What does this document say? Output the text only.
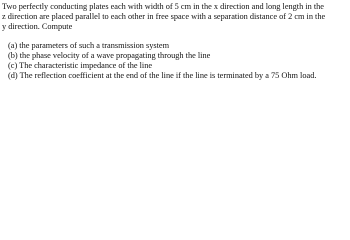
Two perfectly conducting plates each with width of 5 cm in the x direction and long length in the
z direction are placed parallel to each other in free space with a separation distance of 2 cm in the
y direction. Compute
(a) the parameters of such a transmission system
(b) the phase velocity of a wave propagating through the line
(c) The characteristic impedance of the line
(d) The reflection coefficient at the end of the line if the line is terminated by a 75 Ohm load.
